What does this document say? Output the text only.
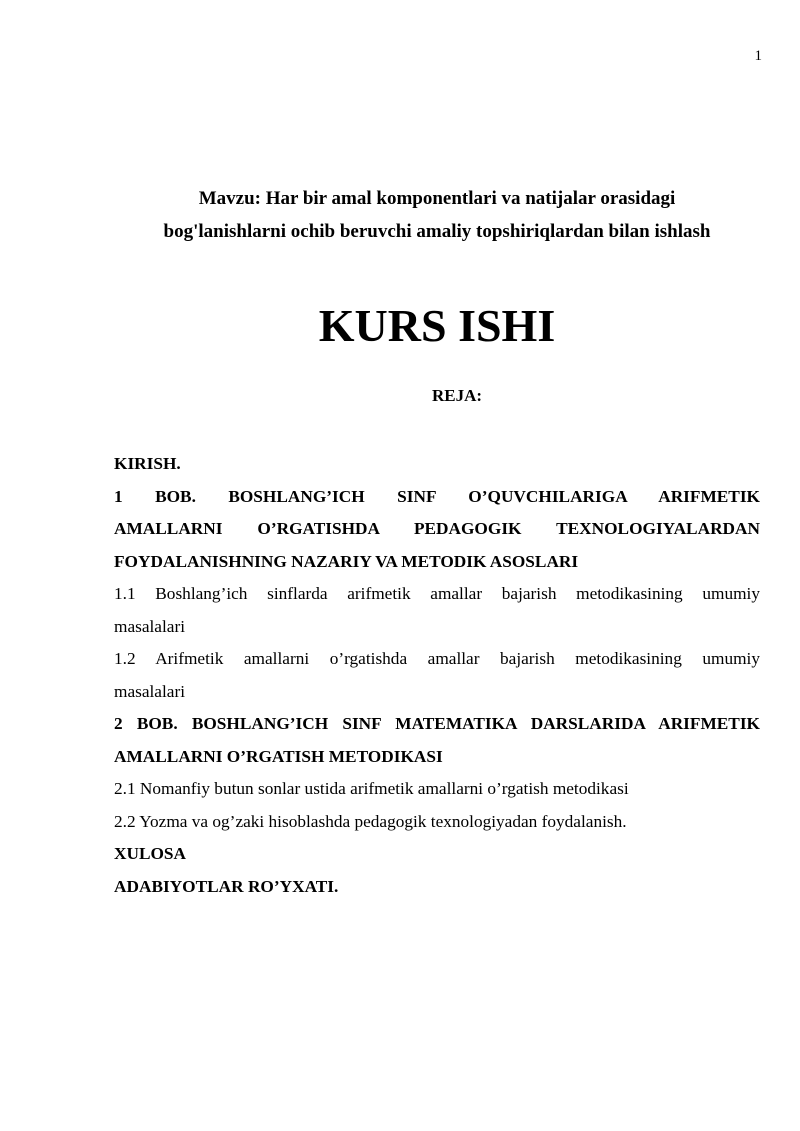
1
Mavzu: Har bir amal komponentlari va natijalar orasidagi
bog'lanishlarni ochib beruvchi amaliy topshiriqlardan bilan ishlash
KURS ISHI
REJA:

KIRISH.

1 BOB. BOSHLANG’ICH SINF O’QUVCHILARIGA ARIFMETIK
AMALLARNI O’RGATISHDA PEDAGOGIK TEXNOLOGIYALARDAN
FOYDALANISHNING NAZARIY VA METODIK ASOSLARI

1.1 Boshlang’ich sinflarda arifmetik amallar bajarish metodikasining umumiy
masalalari

1.2 Arifmetik amallarni o’rgatishda amallar bajarish metodikasining umumiy
masalalari

2 BOB. BOSHLANG’ICH SINF MATEMATIKA DARSLARIDA ARIFMETIK
AMALLARNI O’RGATISH METODIKASI

2.1 Nomanfiy butun sonlar ustida arifmetik amallarni o’rgatish metodikasi

2.2 Yozma va og’zaki hisoblashda pedagogik texnologiyadan foydalanish.

XULOSA

ADABIYOTLAR RO’YXATI.
